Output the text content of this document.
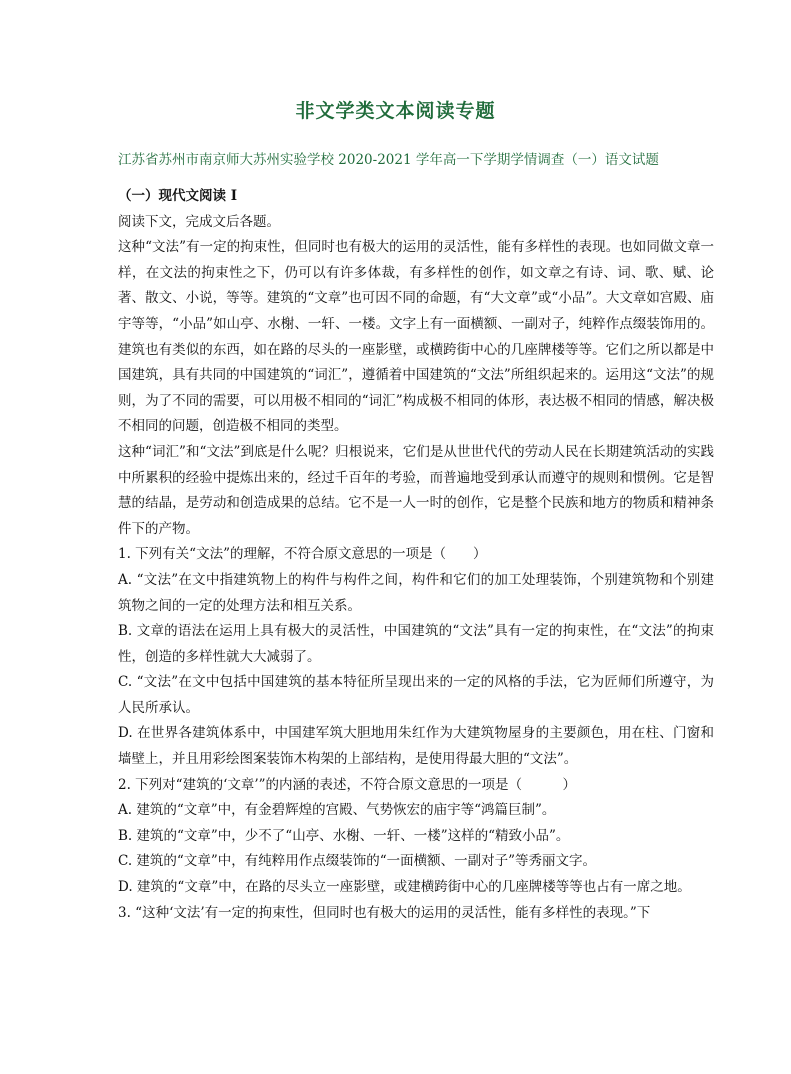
非文学类文本阅读专题

江苏省苏州市南京师大苏州实验学校 2020-2021 学年高一下学期学情调查（一）语文试题

（一）现代文阅读 I

阅读下文，完成文后各题。

这种“文法”有一定的拘束性，但同时也有极大的运用的灵活性，能有多样性的表现。也如同做文章一样，在文法的拘束性之下，仍可以有许多体裁，有多样性的创作，如文章之有诗、词、歌、赋、论著、散文、小说，等等。建筑的“文章”也可因不同的命题，有“大文章”或“小品”。大文章如宫殿、庙宇等等，“小品”如山亭、水榭、一轩、一楼。文字上有一面横额、一副对子，纯粹作点缀装饰用的。建筑也有类似的东西，如在路的尽头的一座影壁，或横跨街中心的几座牌楼等等。它们之所以都是中国建筑，具有共同的中国建筑的“词汇”，遵循着中国建筑的“文法”所组织起来的。运用这“文法”的规则，为了不同的需要，可以用极不相同的“词汇”构成极不相同的体形，表达极不相同的情感，解决极不相同的问题，创造极不相同的类型。

这种“词汇”和“文法”到底是什么呢？归根说来，它们是从世世代代的劳动人民在长期建筑活动的实践中所累积的经验中提炼出来的，经过千百年的考验，而普遍地受到承认而遵守的规则和惯例。它是智慧的结晶，是劳动和创造成果的总结。它不是一人一时的创作，它是整个民族和地方的物质和精神条件下的产物。

1. 下列有关“文法”的理解，不符合原文意思的一项是（　　）

A. “文法”在文中指建筑物上的构件与构件之间，构件和它们的加工处理装饰，个别建筑物和个别建筑物之间的一定的处理方法和相互关系。

B. 文章的语法在运用上具有极大的灵活性，中国建筑的“文法”具有一定的拘束性，在“文法”的拘束性，创造的多样性就大大减弱了。

C. “文法”在文中包括中国建筑的基本特征所呈现出来的一定的风格的手法，它为匠师们所遵守，为人民所承认。

D. 在世界各建筑体系中，中国建军筑大胆地用朱红作为大建筑物屋身的主要颜色，用在柱、门窗和墙壁上，并且用彩绘图案装饰木构架的上部结构，是使用得最大胆的“文法”。

2. 下列对“建筑的‘文章’”的内涵的表述，不符合原文意思的一项是（　　　）

A. 建筑的“文章”中，有金碧辉煌的宫殿、气势恢宏的庙宇等“鸿篇巨制”。

B. 建筑的“文章”中，少不了“山亭、水榭、一轩、一楼”这样的“精致小品”。

C. 建筑的“文章”中，有纯粹用作点缀装饰的“一面横额、一副对子”等秀丽文字。

D. 建筑的“文章”中，在路的尽头立一座影壁，或建横跨街中心的几座牌楼等等也占有一席之地。

3. “这种‘文法’有一定的拘束性，但同时也有极大的运用的灵活性，能有多样性的表现。”下
